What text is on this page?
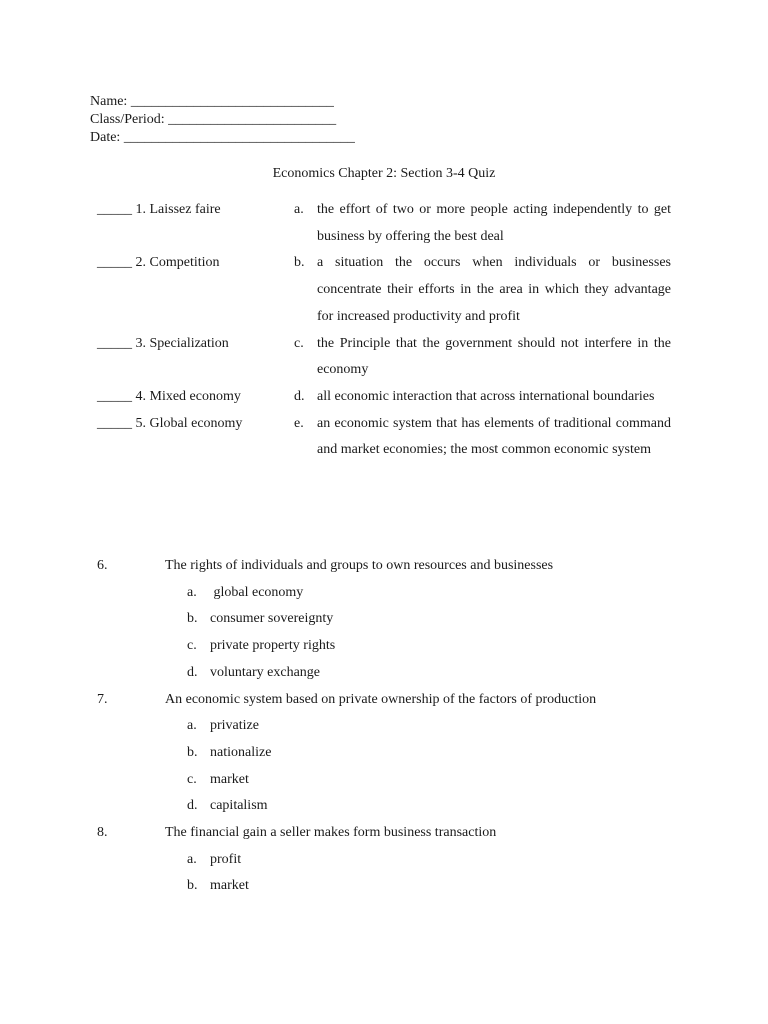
Name: _____________________________
Class/Period: ________________________
Date: _________________________________
Economics Chapter 2: Section 3-4 Quiz
_____ 1. Laissez faire	a. the effort of two or more people acting independently to get business by offering the best deal
_____ 2. Competition	b. a situation the occurs when individuals or businesses concentrate their efforts in the area in which they advantage for increased productivity and profit
_____ 3. Specialization	c. the Principle that the government should not interfere in the economy
_____ 4. Mixed economy	d. all economic interaction that across international boundaries
_____ 5. Global economy	e. an economic system that has elements of traditional command and market economies; the most common economic system
6.	The rights of individuals and groups to own resources and businesses
a. global economy
b. consumer sovereignty
c. private property rights
d. voluntary exchange
7.	An economic system based on private ownership of the factors of production
a. privatize
b. nationalize
c. market
d. capitalism
8.	The financial gain a seller makes form business transaction
a. profit
b. market
